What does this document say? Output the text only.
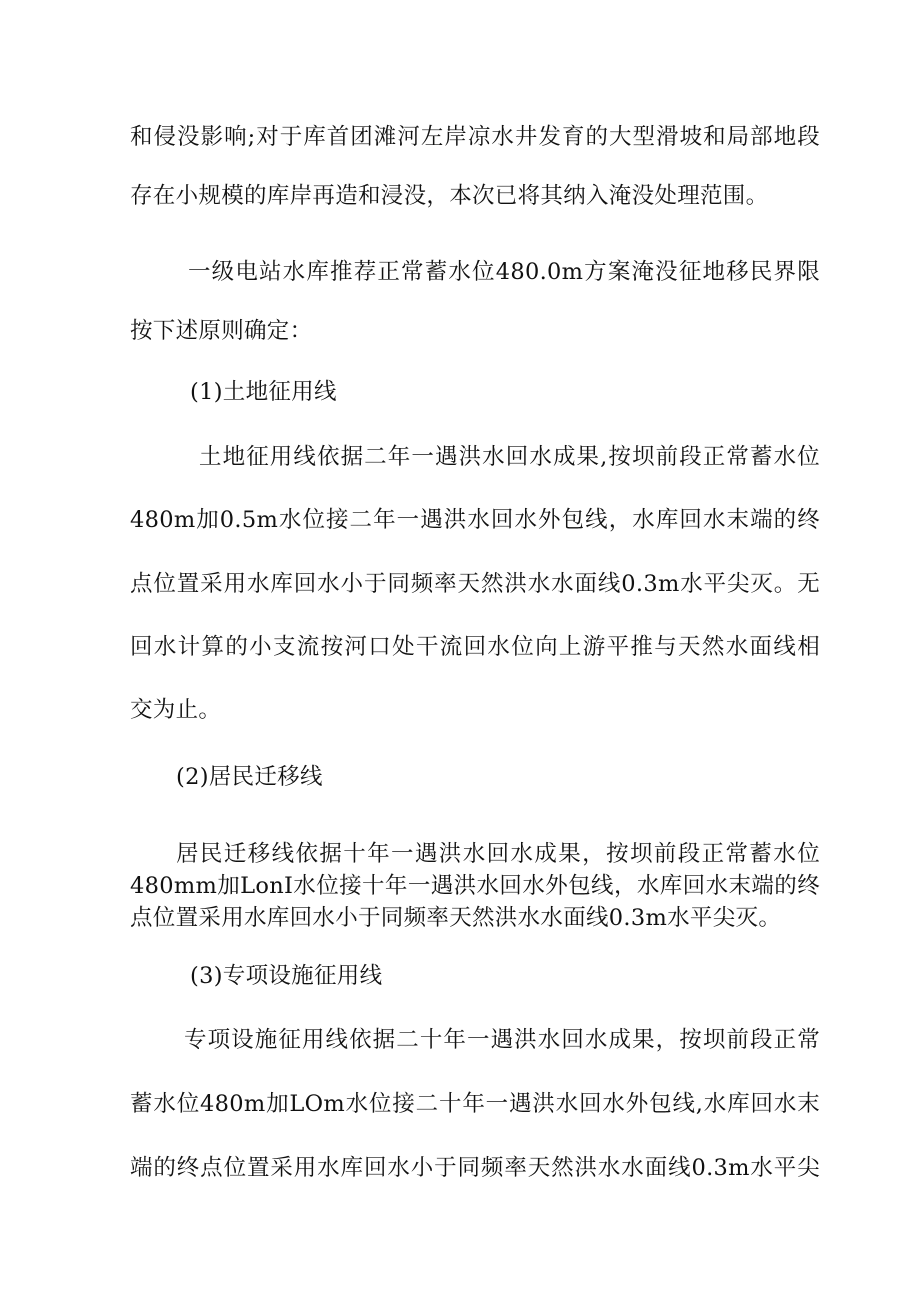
和侵没影响;对于库首团滩河左岸凉水井发育的大型滑坡和局部地段
存在小规模的库岸再造和浸没，本次已将其纳入淹没处理范围。
一级电站水库推荐正常蓄水位480.0m方案淹没征地移民界限
按下述原则确定：
(1)土地征用线
土地征用线依据二年一遇洪水回水成果,按坝前段正常蓄水位
480m加0.5m水位接二年一遇洪水回水外包线，水库回水末端的终
点位置采用水库回水小于同频率天然洪水水面线0.3m水平尖灭。无
回水计算的小支流按河口处干流回水位向上游平推与天然水面线相
交为止。
(2)居民迁移线
居民迁移线依据十年一遇洪水回水成果，按坝前段正常蓄水位
480mm加LonI水位接十年一遇洪水回水外包线，水库回水末端的终
点位置采用水库回水小于同频率天然洪水水面线0.3m水平尖灭。
(3)专项设施征用线
专项设施征用线依据二十年一遇洪水回水成果，按坝前段正常
蓄水位480m加LOm水位接二十年一遇洪水回水外包线,水库回水末
端的终点位置采用水库回水小于同频率天然洪水水面线0.3m水平尖
